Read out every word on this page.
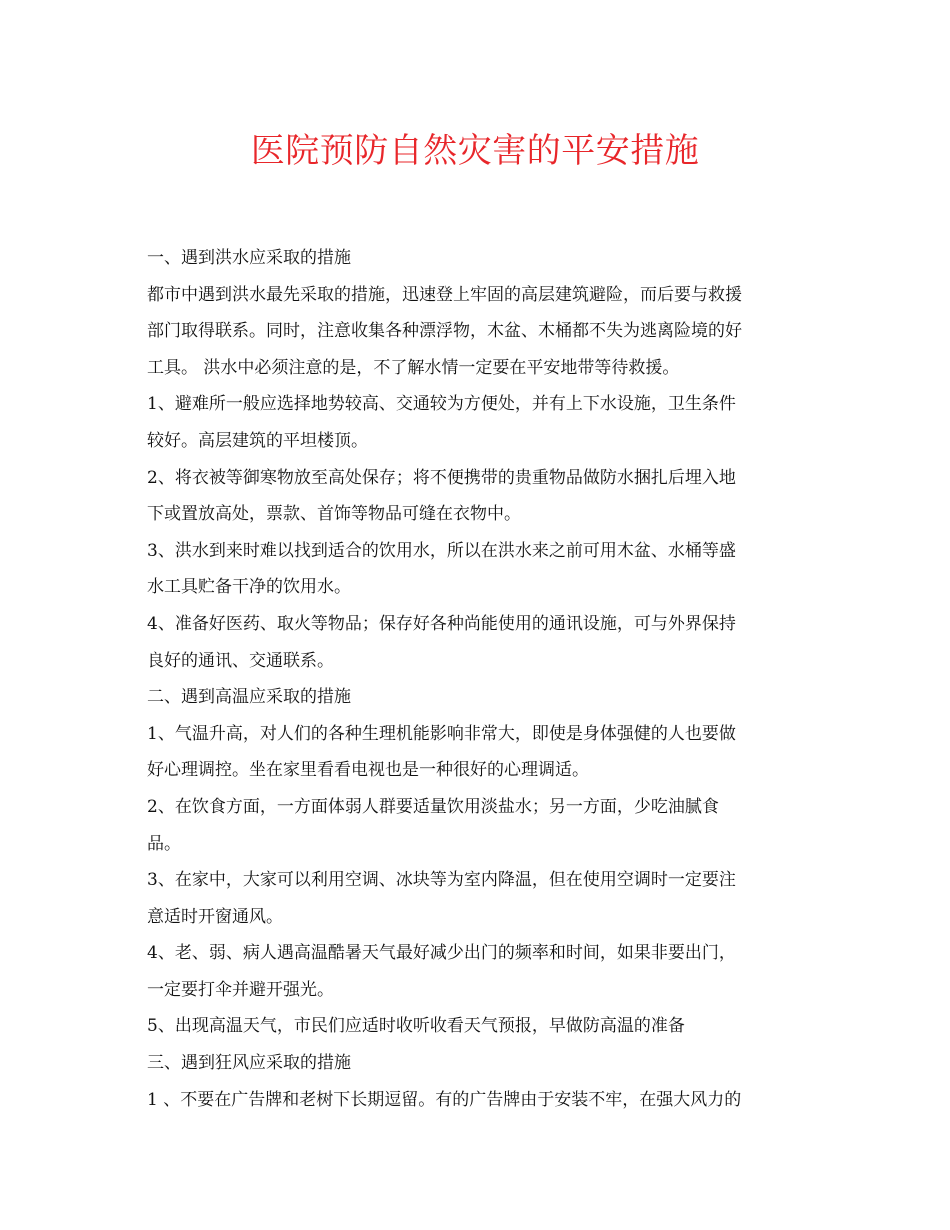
医院预防自然灾害的平安措施
一、遇到洪水应采取的措施
都市中遇到洪水最先采取的措施，迅速登上牢固的高层建筑避险，而后要与救援
部门取得联系。同时，注意收集各种漂浮物，木盆、木桶都不失为逃离险境的好
工具。 洪水中必须注意的是，不了解水情一定要在平安地带等待救援。
1、避难所一般应选择地势较高、交通较为方便处，并有上下水设施，卫生条件
较好。高层建筑的平坦楼顶。
2、将衣被等御寒物放至高处保存；将不便携带的贵重物品做防水捆扎后埋入地
下或置放高处，票款、首饰等物品可缝在衣物中。
3、洪水到来时难以找到适合的饮用水，所以在洪水来之前可用木盆、水桶等盛
水工具贮备干净的饮用水。
4、准备好医药、取火等物品；保存好各种尚能使用的通讯设施，可与外界保持
良好的通讯、交通联系。
二、遇到高温应采取的措施
1、气温升高，对人们的各种生理机能影响非常大，即使是身体强健的人也要做
好心理调控。坐在家里看看电视也是一种很好的心理调适。
2、在饮食方面，一方面体弱人群要适量饮用淡盐水；另一方面，少吃油腻食
品。
3、在家中，大家可以利用空调、冰块等为室内降温，但在使用空调时一定要注
意适时开窗通风。
4、老、弱、病人遇高温酷暑天气最好减少出门的频率和时间，如果非要出门，
一定要打伞并避开强光。
5、出现高温天气，市民们应适时收听收看天气预报，早做防高温的准备
三、遇到狂风应采取的措施
1 、不要在广告牌和老树下长期逗留。有的广告牌由于安装不牢，在强大风力的
